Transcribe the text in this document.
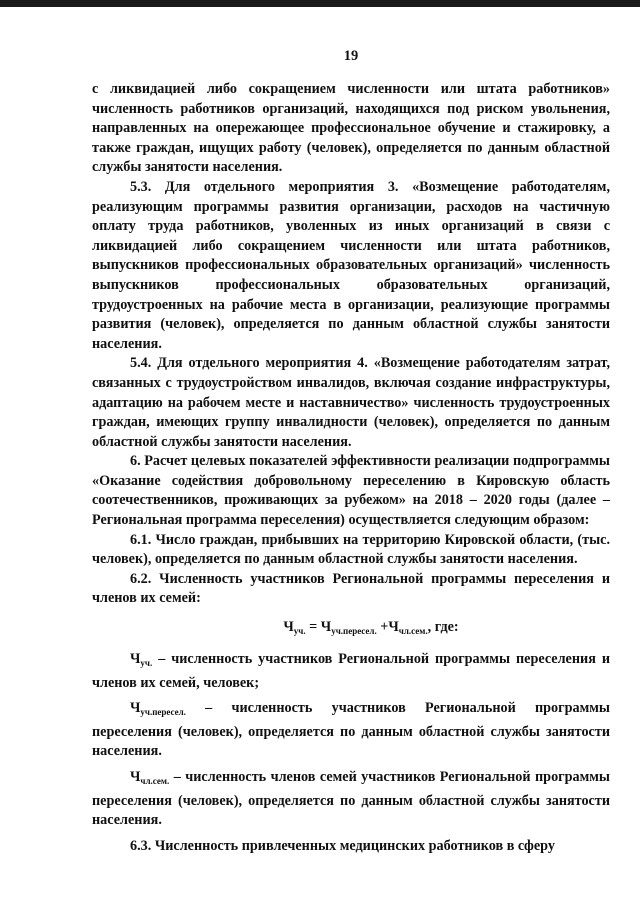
19

с ликвидацией либо сокращением численности или штата работников» численность работников организаций, находящихся под риском увольнения, направленных на опережающее профессиональное обучение и стажировку, а также граждан, ищущих работу (человек), определяется по данным областной службы занятости населения.

5.3. Для отдельного мероприятия 3. «Возмещение работодателям, реализующим программы развития организации, расходов на частичную оплату труда работников, уволенных из иных организаций в связи с ликвидацией либо сокращением численности или штата работников, выпускников профессиональных образовательных организаций» численность выпускников профессиональных образовательных организаций, трудоустроенных на рабочие места в организации, реализующие программы развития (человек), определяется по данным областной службы занятости населения.

5.4. Для отдельного мероприятия 4. «Возмещение работодателям затрат, связанных с трудоустройством инвалидов, включая создание инфраструктуры, адаптацию на рабочем месте и наставничество» численность трудоустроенных граждан, имеющих группу инвалидности (человек), определяется по данным областной службы занятости населения.

6. Расчет целевых показателей эффективности реализации подпрограммы «Оказание содействия добровольному переселению в Кировскую область соотечественников, проживающих за рубежом» на 2018 – 2020 годы (далее – Региональная программа переселения) осуществляется следующим образом:

6.1. Число граждан, прибывших на территорию Кировской области, (тыс. человек), определяется по данным областной службы занятости населения.

6.2. Численность участников Региональной программы переселения и членов их семей:

$Ч_{уч.} = Ч_{уч.пересел.} +Ч_{чл.сем.}$, где:

$Ч_{уч.}$ – численность участников Региональной программы переселения и членов их семей, человек;

$Ч_{уч.пересел.}$ – численность участников Региональной программы переселения (человек), определяется по данным областной службы занятости населения.

$Ч_{чл.сем.}$ – численность членов семей участников Региональной программы переселения (человек), определяется по данным областной службы занятости населения.

6.3. Численность привлеченных медицинских работников в сферу
